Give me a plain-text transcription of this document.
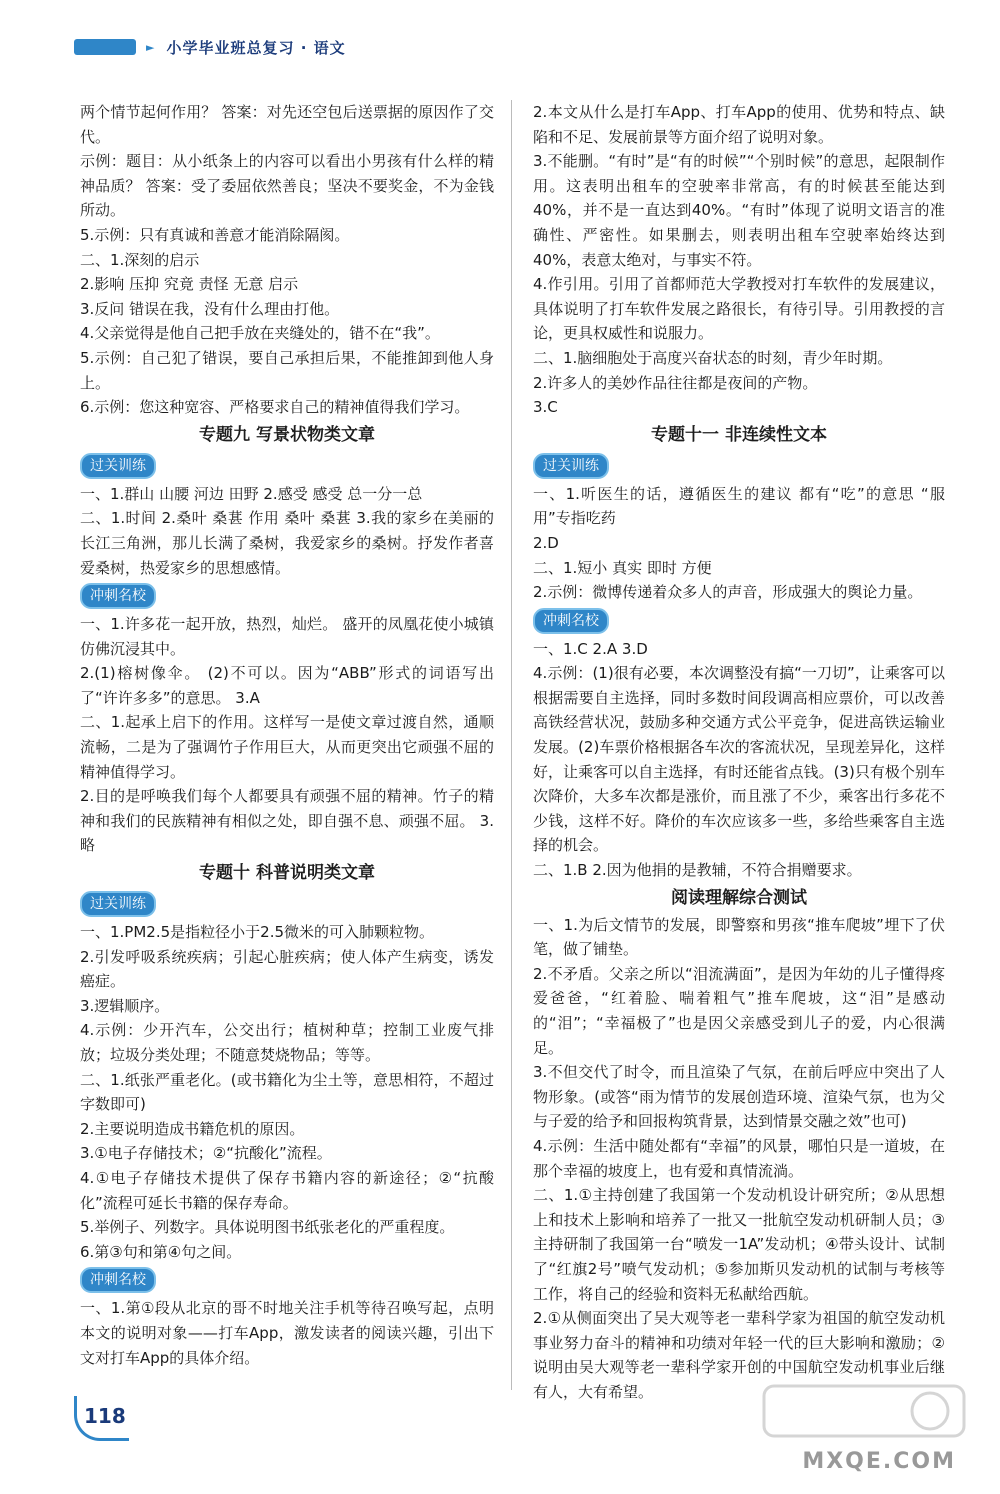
► 小学毕业班总复习 · 语文

两个情节起何作用？ 答案：对先还空包后送票据的原因作了交代。

示例：题目：从小纸条上的内容可以看出小男孩有什么样的精神品质？ 答案：受了委屈依然善良；坚决不要奖金，不为金钱所动。

5.示例：只有真诚和善意才能消除隔阂。

二、1.深刻的启示

2.影响 压抑 究竟 责怪 无意 启示

3.反问 错误在我，没有什么理由打他。

4.父亲觉得是他自己把手放在夹缝处的，错不在“我”。

5.示例：自己犯了错误，要自己承担后果，不能推卸到他人身上。

6.示例：您这种宽容、严格要求自己的精神值得我们学习。

专题九 写景状物类文章
过关训练

一、1.群山 山腰 河边 田野 2.感受 感受 总一分一总

二、1.时间 2.桑叶 桑葚 作用 桑叶 桑葚 3.我的家乡在美丽的长江三角洲，那儿长满了桑树，我爱家乡的桑树。抒发作者喜爱桑树，热爱家乡的思想感情。

冲刺名校

一、1.许多花一起开放，热烈，灿烂。 盛开的凤凰花使小城镇仿佛沉浸其中。

2.(1)榕树像伞。 (2)不可以。因为“ABB”形式的词语写出了“许许多多”的意思。 3.A

二、1.起承上启下的作用。这样写一是使文章过渡自然，通顺流畅，二是为了强调竹子作用巨大，从而更突出它顽强不屈的精神值得学习。

2.目的是呼唤我们每个人都要具有顽强不屈的精神。竹子的精神和我们的民族精神有相似之处，即自强不息、顽强不屈。 3.略

专题十 科普说明类文章
过关训练

一、1.PM2.5是指粒径小于2.5微米的可入肺颗粒物。

2.引发呼吸系统疾病；引起心脏疾病；使人体产生病变，诱发癌症。

3.逻辑顺序。

4.示例：少开汽车，公交出行；植树种草；控制工业废气排放；垃圾分类处理；不随意焚烧物品；等等。

二、1.纸张严重老化。(或书籍化为尘土等，意思相符，不超过字数即可)

2.主要说明造成书籍危机的原因。

3.①电子存储技术；②“抗酸化”流程。

4.①电子存储技术提供了保存书籍内容的新途径；②“抗酸化”流程可延长书籍的保存寿命。

5.举例子、列数字。具体说明图书纸张老化的严重程度。

6.第③句和第④句之间。

冲刺名校

一、1.第①段从北京的哥不时地关注手机等待召唤写起，点明本文的说明对象——打车App，激发读者的阅读兴趣，引出下文对打车App的具体介绍。

2.本文从什么是打车App、打车App的使用、优势和特点、缺陷和不足、发展前景等方面介绍了说明对象。

3.不能删。“有时”是“有的时候”“个别时候”的意思，起限制作用。这表明出租车的空驶率非常高，有的时候甚至能达到40%，并不是一直达到40%。“有时”体现了说明文语言的准确性、严密性。如果删去，则表明出租车空驶率始终达到40%，表意太绝对，与事实不符。

4.作引用。引用了首都师范大学教授对打车软件的发展建议，具体说明了打车软件发展之路很长，有待引导。引用教授的言论，更具权威性和说服力。

二、1.脑细胞处于高度兴奋状态的时刻，青少年时期。

2.许多人的美妙作品往往都是夜间的产物。

3.C

专题十一 非连续性文本
过关训练

一、1.听医生的话，遵循医生的建议 都有“吃”的意思 “服用”专指吃药

2.D

二、1.短小 真实 即时 方便

2.示例：微博传递着众多人的声音，形成强大的舆论力量。

冲刺名校

一、1.C 2.A 3.D

4.示例：(1)很有必要，本次调整没有搞“一刀切”，让乘客可以根据需要自主选择，同时多数时间段调高相应票价，可以改善高铁经营状况，鼓励多种交通方式公平竞争，促进高铁运输业发展。(2)车票价格根据各车次的客流状况，呈现差异化，这样好，让乘客可以自主选择，有时还能省点钱。(3)只有极个别车次降价，大多车次都是涨价，而且涨了不少，乘客出行多花不少钱，这样不好。降价的车次应该多一些，多给些乘客自主选择的机会。

二、1.B 2.因为他捐的是教辅，不符合捐赠要求。

阅读理解综合测试

一、1.为后文情节的发展，即警察和男孩“推车爬坡”埋下了伏笔，做了铺垫。

2.不矛盾。父亲之所以“泪流满面”，是因为年幼的儿子懂得疼爱爸爸，“红着脸、喘着粗气”推车爬坡，这“泪”是感动的“泪”；“幸福极了”也是因父亲感受到儿子的爱，内心很满足。

3.不但交代了时令，而且渲染了气氛，在前后呼应中突出了人物形象。(或答“雨为情节的发展创造环境、渲染气氛，也为父与子爱的给予和回报构筑背景，达到情景交融之效”也可)

4.示例：生活中随处都有“幸福”的风景，哪怕只是一道坡，在那个幸福的坡度上，也有爱和真情流淌。

二、1.①主持创建了我国第一个发动机设计研究所；②从思想上和技术上影响和培养了一批又一批航空发动机研制人员；③主持研制了我国第一台“喷发一1A”发动机；④带头设计、试制了“红旗2号”喷气发动机；⑤参加斯贝发动机的试制与考核等工作，将自己的经验和资料无私献给西航。

2.①从侧面突出了吴大观等老一辈科学家为祖国的航空发动机事业努力奋斗的精神和功绩对年轻一代的巨大影响和激励；②说明由吴大观等老一辈科学家开创的中国航空发动机事业后继有人，大有希望。

118
MXQE.COM
